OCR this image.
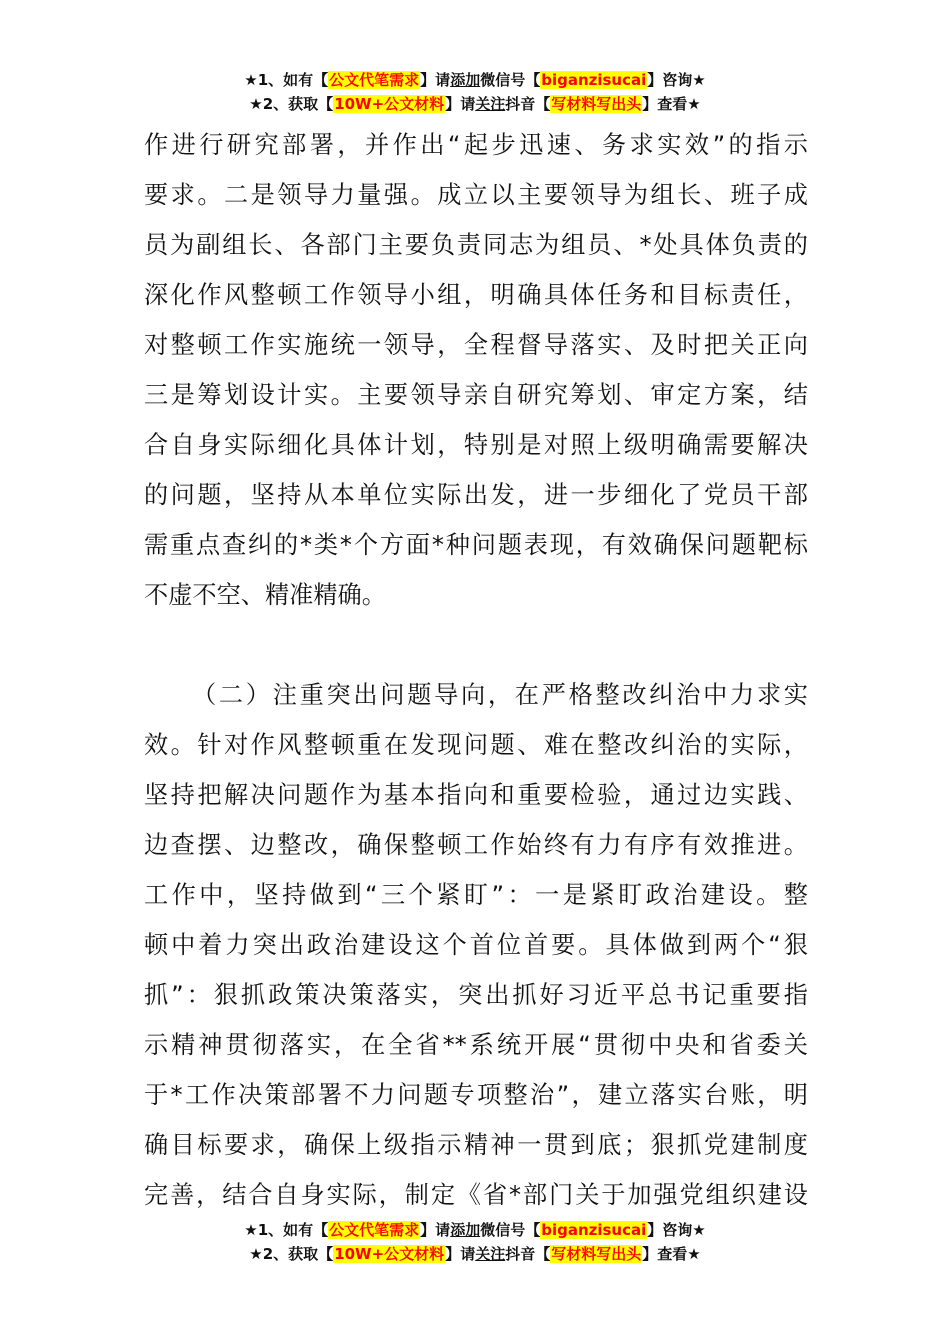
★1、如有【公文代笔需求】请添加微信号【biganzisucai】咨询★
★2、获取【10W+公文材料】请关注抖音【写材料写出头】查看★

作进行研究部署，并作出“起步迅速、务求实效”的指示
要求。二是领导力量强。成立以主要领导为组长、班子成
员为副组长、各部门主要负责同志为组员、*处具体负责的
深化作风整顿工作领导小组，明确具体任务和目标责任，
对整顿工作实施统一领导，全程督导落实、及时把关正向
三是筹划设计实。主要领导亲自研究筹划、审定方案，结
合自身实际细化具体计划，特别是对照上级明确需要解决
的问题，坚持从本单位实际出发，进一步细化了党员干部
需重点查纠的*类*个方面*种问题表现，有效确保问题靶标
不虚不空、精准精确。

（二）注重突出问题导向，在严格整改纠治中力求实
效。针对作风整顿重在发现问题、难在整改纠治的实际，
坚持把解决问题作为基本指向和重要检验，通过边实践、
边查摆、边整改，确保整顿工作始终有力有序有效推进。
工作中，坚持做到“三个紧盯”：一是紧盯政治建设。整
顿中着力突出政治建设这个首位首要。具体做到两个“狠
抓”：狠抓政策决策落实，突出抓好习近平总书记重要指
示精神贯彻落实，在全省**系统开展“贯彻中央和省委关
于*工作决策部署不力问题专项整治”，建立落实台账，明
确目标要求，确保上级指示精神一贯到底；狠抓党建制度
完善，结合自身实际，制定《省*部门关于加强党组织建设

★1、如有【公文代笔需求】请添加微信号【biganzisucai】咨询★
★2、获取【10W+公文材料】请关注抖音【写材料写出头】查看★
